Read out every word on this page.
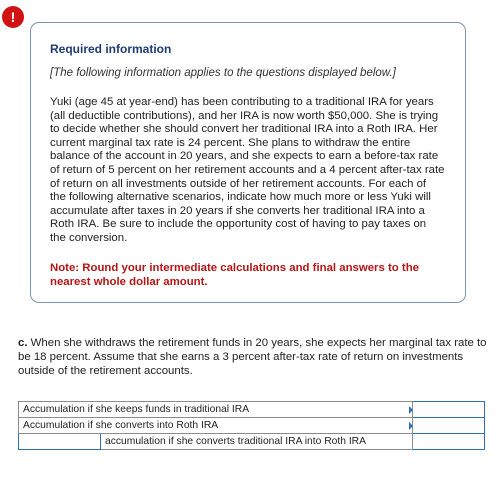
!
Required information
[The following information applies to the questions displayed below.]
Yuki (age 45 at year-end) has been contributing to a traditional IRA for years (all deductible contributions), and her IRA is now worth $50,000. She is trying to decide whether she should convert her traditional IRA into a Roth IRA. Her current marginal tax rate is 24 percent. She plans to withdraw the entire balance of the account in 20 years, and she expects to earn a before-tax rate of return of 5 percent on her retirement accounts and a 4 percent after-tax rate of return on all investments outside of her retirement accounts. For each of the following alternative scenarios, indicate how much more or less Yuki will accumulate after taxes in 20 years if she converts her traditional IRA into a Roth IRA. Be sure to include the opportunity cost of having to pay taxes on the conversion.
Note: Round your intermediate calculations and final answers to the nearest whole dollar amount.
c. When she withdraws the retirement funds in 20 years, she expects her marginal tax rate to be 18 percent. Assume that she earns a 3 percent after-tax rate of return on investments outside of the retirement accounts.
Accumulation if she keeps funds in traditional IRA	

Accumulation if she converts into Roth IRA	

	accumulation if she converts traditional IRA into Roth IRA	
